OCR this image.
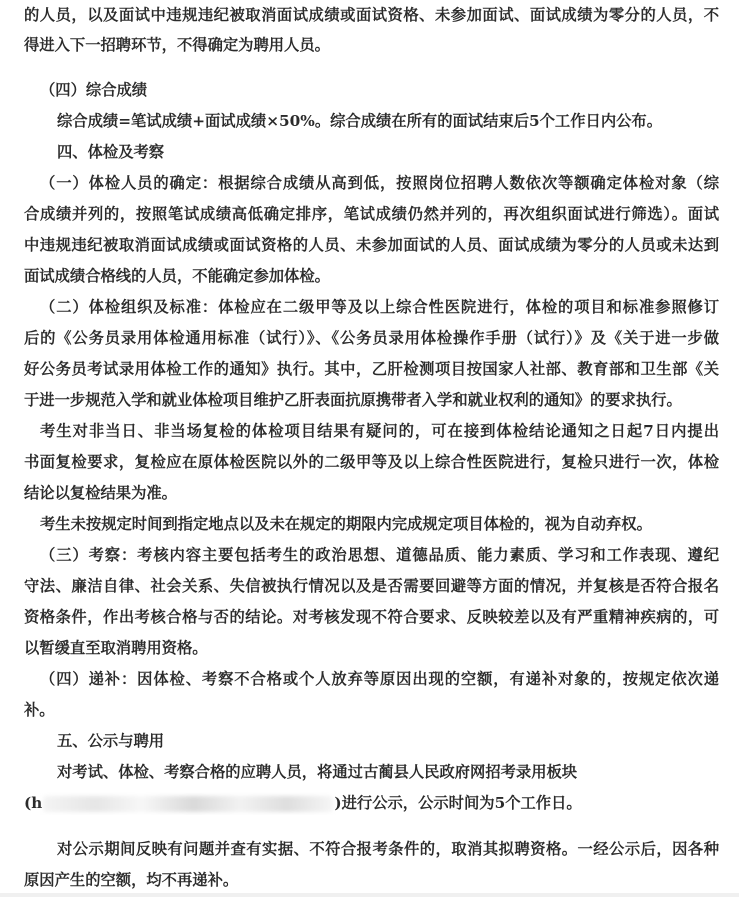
的人员，以及面试中违规违纪被取消面试成绩或面试资格、未参加面试、面试成绩为零分的人员，不
得进入下一招聘环节，不得确定为聘用人员。
（四）综合成绩
综合成绩=笔试成绩+面试成绩×50%。综合成绩在所有的面试结束后5个工作日内公布。
四、体检及考察
（一）体检人员的确定：根据综合成绩从高到低，按照岗位招聘人数依次等额确定体检对象（综
合成绩并列的，按照笔试成绩高低确定排序，笔试成绩仍然并列的，再次组织面试进行筛选）。面试
中违规违纪被取消面试成绩或面试资格的人员、未参加面试的人员、面试成绩为零分的人员或未达到
面试成绩合格线的人员，不能确定参加体检。
（二）体检组织及标准：体检应在二级甲等及以上综合性医院进行，体检的项目和标准参照修订
后的《公务员录用体检通用标准（试行）》、《公务员录用体检操作手册（试行）》及《关于进一步做
好公务员考试录用体检工作的通知》执行。其中，乙肝检测项目按国家人社部、教育部和卫生部《关
于进一步规范入学和就业体检项目维护乙肝表面抗原携带者入学和就业权利的通知》的要求执行。
考生对非当日、非当场复检的体检项目结果有疑问的，可在接到体检结论通知之日起7日内提出
书面复检要求，复检应在原体检医院以外的二级甲等及以上综合性医院进行，复检只进行一次，体检
结论以复检结果为准。
考生未按规定时间到指定地点以及未在规定的期限内完成规定项目体检的，视为自动弃权。
（三）考察：考核内容主要包括考生的政治思想、道德品质、能力素质、学习和工作表现、遵纪
守法、廉洁自律、社会关系、失信被执行情况以及是否需要回避等方面的情况，并复核是否符合报名
资格条件，作出考核合格与否的结论。对考核发现不符合要求、反映较差以及有严重精神疾病的，可
以暂缓直至取消聘用资格。
（四）递补：因体检、考察不合格或个人放弃等原因出现的空额，有递补对象的，按规定依次递
补。
五、公示与聘用
对考试、体检、考察合格的应聘人员，将通过古蔺县人民政府网招考录用板块
(h	)进行公示，公示时间为5个工作日。
对公示期间反映有问题并查有实据、不符合报考条件的，取消其拟聘资格。一经公示后，因各种
原因产生的空额，均不再递补。
